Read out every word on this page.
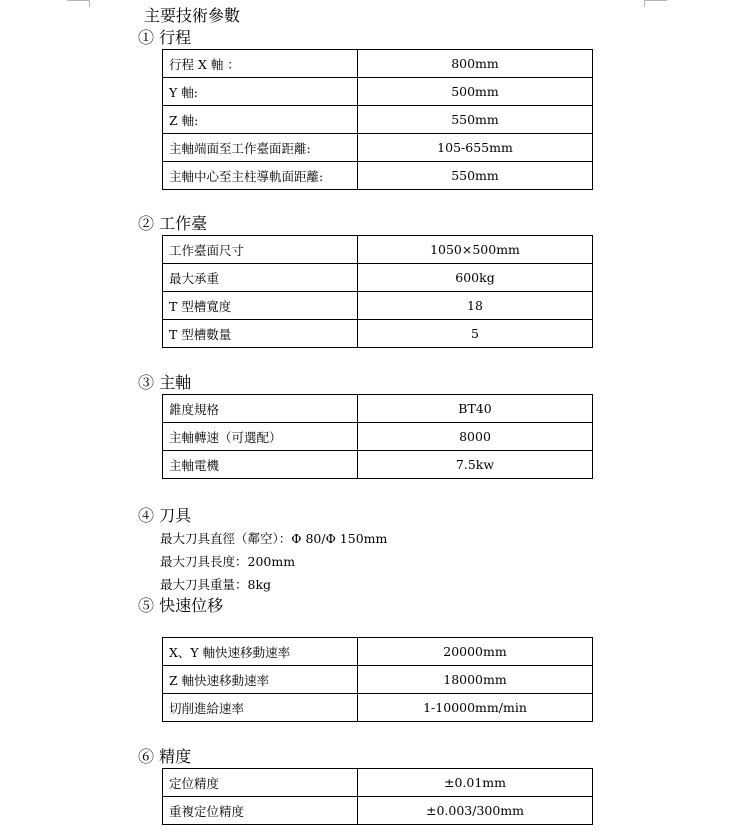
主要技術參數
① 行程
行程 X 軸 ：	800mm
Y 軸:	500mm
Z 軸:	550mm
主軸端面至工作臺面距離:	105-655mm
主軸中心至主柱導軌面距離:	550mm
② 工作臺
工作臺面尺寸	1050×500mm
最大承重	600kg
T 型槽寬度	18
T 型槽數量	5
③ 主軸
錐度規格	BT40
主軸轉速（可選配）	8000
主軸電機	7.5kw
④ 刀具
最大刀具直徑（鄰空）：Φ 80/Φ 150mm
最大刀具長度：200mm
最大刀具重量：8kg
⑤ 快速位移
X、Y 軸快速移動速率	20000mm
Z 軸快速移動速率	18000mm
切削進給速率	1-10000mm/min
⑥ 精度
定位精度	±0.01mm
重複定位精度	±0.003/300mm
